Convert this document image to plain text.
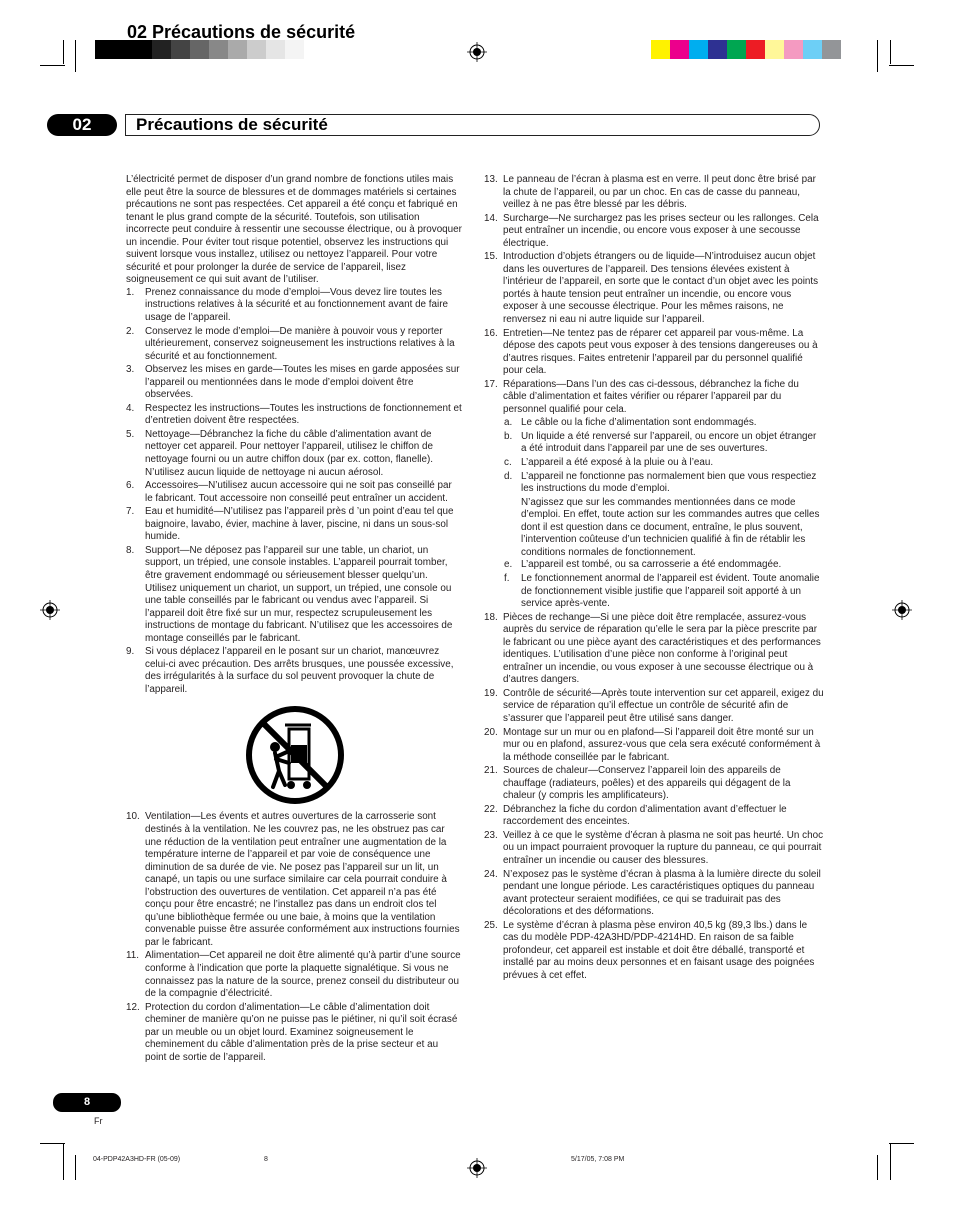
02 Précautions de sécurité
02	Précautions de sécurité

L’électricité permet de disposer d’un grand nombre de fonctions utiles mais elle peut être la source de blessures et de dommages matériels si certaines précautions ne sont pas respectées. Cet appareil a été conçu et fabriqué en tenant le plus grand compte de la sécurité. Toutefois, son utilisation incorrecte peut conduire à ressentir une secousse électrique, ou à provoquer un incendie. Pour éviter tout risque potentiel, observez les instructions qui suivent lorsque vous installez, utilisez ou nettoyez l’appareil. Pour votre sécurité et pour prolonger la durée de service de l’appareil, lisez soigneusement ce qui suit avant de l’utiliser.

1. Prenez connaissance du mode d’emploi—Vous devez lire toutes les instructions relatives à la sécurité et au fonctionnement avant de faire usage de l’appareil.
2. Conservez le mode d’emploi—De manière à pouvoir vous y reporter ultérieurement, conservez soigneusement les instructions relatives à la sécurité et au fonctionnement.
3. Observez les mises en garde—Toutes les mises en garde apposées sur l’appareil ou mentionnées dans le mode d’emploi doivent être observées.
4. Respectez les instructions—Toutes les instructions de fonctionnement et d’entretien doivent être respectées.
5. Nettoyage—Débranchez la fiche du câble d’alimentation avant de nettoyer cet appareil. Pour nettoyer l’appareil, utilisez le chiffon de nettoyage fourni ou un autre chiffon doux (par ex. cotton, flanelle). N’utilisez aucun liquide de nettoyage ni aucun aérosol.
6. Accessoires—N’utilisez aucun accessoire qui ne soit pas conseillé par le fabricant. Tout accessoire non conseillé peut entraîner un accident.
7. Eau et humidité—N’utilisez pas l’appareil près d ’un point d’eau tel que baignoire, lavabo, évier, machine à laver, piscine, ni dans un sous-sol humide.
8. Support—Ne déposez pas l’appareil sur une table, un chariot, un support, un trépied, une console instables. L’appareil pourrait tomber, être gravement endommagé ou sérieusement blesser quelqu’un. Utilisez uniquement un chariot, un support, un trépied, une console ou une table conseillés par le fabricant ou vendus avec l’appareil. Si l’appareil doit être fixé sur un mur, respectez scrupuleusement les instructions de montage du fabricant. N’utilisez que les accessoires de montage conseillés par le fabricant.
9. Si vous déplacez l’appareil en le posant sur un chariot, manœuvrez celui-ci avec précaution. Des arrêts brusques, une poussée excessive, des irrégularités à la surface du sol peuvent provoquer la chute de l’appareil.
10. Ventilation—Les évents et autres ouvertures de la carrosserie sont destinés à la ventilation. Ne les couvrez pas, ne les obstruez pas car une réduction de la ventilation peut entraîner une augmentation de la température interne de l’appareil et par voie de conséquence une diminution de sa durée de vie. Ne posez pas l’appareil sur un lit, un canapé, un tapis ou une surface similaire car cela pourrait conduire à l’obstruction des ouvertures de ventilation. Cet appareil n’a pas été conçu pour être encastré; ne l’installez pas dans un endroit clos tel qu’une bibliothèque fermée ou une baie, à moins que la ventilation convenable puisse être assurée conformément aux instructions fournies par le fabricant.
11. Alimentation—Cet appareil ne doit être alimenté qu’à partir d’une source conforme à l’indication que porte la plaquette signalétique. Si vous ne connaissez pas la nature de la source, prenez conseil du distributeur ou de la compagnie d’électricité.
12. Protection du cordon d’alimentation—Le câble d’alimentation doit cheminer de manière qu’on ne puisse pas le piétiner, ni qu’il soit écrasé par un meuble ou un objet lourd. Examinez soigneusement le cheminement du câble d’alimentation près de la prise secteur et au point de sortie de l’appareil.
13. Le panneau de l’écran à plasma est en verre. Il peut donc être brisé par la chute de l’appareil, ou par un choc. En cas de casse du panneau, veillez à ne pas être blessé par les débris.
14. Surcharge—Ne surchargez pas les prises secteur ou les rallonges. Cela peut entraîner un incendie, ou encore vous exposer à une secousse électrique.
15. Introduction d’objets étrangers ou de liquide—N’introduisez aucun objet dans les ouvertures de l’appareil. Des tensions élevées existent à l’intérieur de l’appareil, en sorte que le contact d’un objet avec les points portés à haute tension peut entraîner un incendie, ou encore vous exposer à une secousse électrique. Pour les mêmes raisons, ne renversez ni eau ni autre liquide sur l’appareil.
16. Entretien—Ne tentez pas de réparer cet appareil par vous-même. La dépose des capots peut vous exposer à des tensions dangereuses ou à d’autres risques. Faites entretenir l’appareil par du personnel qualifié pour cela.
17. Réparations—Dans l’un des cas ci-dessous, débranchez la fiche du câble d’alimentation et faites vérifier ou réparer l’appareil par du personnel qualifié pour cela.
a. Le câble ou la fiche d’alimentation sont endommagés.
b. Un liquide a été renversé sur l’appareil, ou encore un objet étranger a été introduit dans l’appareil par une de ses ouvertures.
c. L’appareil a été exposé à la pluie ou à l’eau.
d. L’appareil ne fonctionne pas normalement bien que vous respectiez les instructions du mode d’emploi.

N’agissez que sur les commandes mentionnées dans ce mode d’emploi. En effet, toute action sur les commandes autres que celles dont il est question dans ce document, entraîne, le plus souvent, l’intervention coûteuse d’un technicien qualifié à fin de rétablir les conditions normales de fonctionnement.

e. L’appareil est tombé, ou sa carrosserie a été endommagée.
f. Le fonctionnement anormal de l’appareil est évident. Toute anomalie de fonctionnement visible justifie que l’appareil soit apporté à un service après-vente.
18. Pièces de rechange—Si une pièce doit être remplacée, assurez-vous auprès du service de réparation qu’elle le sera par la pièce prescrite par le fabricant ou une pièce ayant des caractéristiques et des performances identiques. L’utilisation d’une pièce non conforme à l’original peut entraîner un incendie, ou vous exposer à une secousse électrique ou à d’autres dangers.
19. Contrôle de sécurité—Après toute intervention sur cet appareil, exigez du service de réparation qu’il effectue un contrôle de sécurité afin de s’assurer que l’appareil peut être utilisé sans danger.
20. Montage sur un mur ou en plafond—Si l’appareil doit être monté sur un mur ou en plafond, assurez-vous que cela sera exécuté conformément à la méthode conseillée par le fabricant.
21. Sources de chaleur—Conservez l’appareil loin des appareils de chauffage (radiateurs, poêles) et des appareils qui dégagent de la chaleur (y compris les amplificateurs).
22. Débranchez la fiche du cordon d’alimentation avant d’effectuer le raccordement des enceintes.
23. Veillez à ce que le système d’écran à plasma ne soit pas heurté. Un choc ou un impact pourraient provoquer la rupture du panneau, ce qui pourrait entraîner un incendie ou causer des blessures.
24. N’exposez pas le système d’écran à plasma à la lumière directe du soleil pendant une longue période. Les caractéristiques optiques du panneau avant protecteur seraient modifiées, ce qui se traduirait pas des décolorations et des déformations.
25. Le système d’écran à plasma pèse environ 40,5 kg (89,3 lbs.) dans le cas du modèle PDP-42A3HD/PDP-4214HD. En raison de sa faible profondeur, cet appareil est instable et doit être déballé, transporté et installé par au moins deux personnes et en faisant usage des poignées prévues à cet effet.
8
Fr
04-PDP42A3HD-FR (05-09)	8	5/17/05, 7:08 PM
